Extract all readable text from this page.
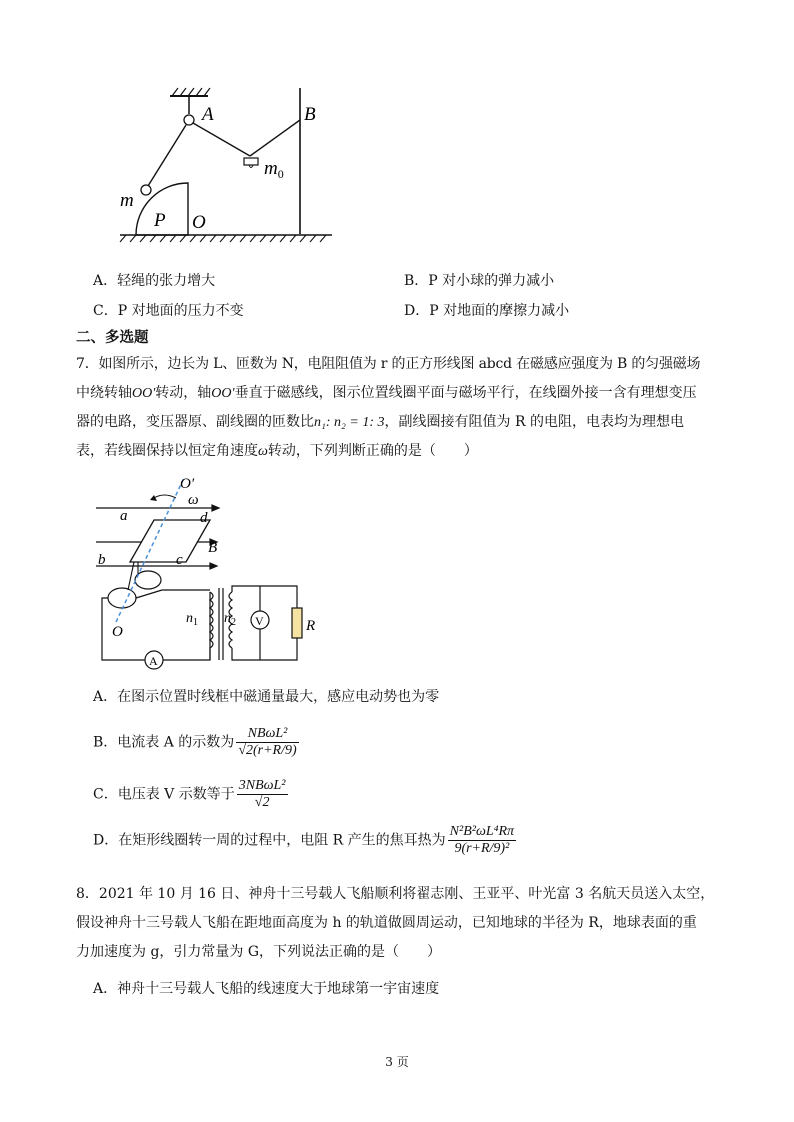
A	B
$m_0$
m
P O
A．轻绳的张力增大	B．P 对小球的弹力减小
C．P 对地面的压力不变	D．P 对地面的摩擦力减小
二、多选题

7．如图所示，边长为 L、匝数为 N，电阻阻值为 r 的正方形线图 abcd 在磁感应强度为 B 的匀强磁场

中绕转轴OO′转动，轴OO′垂直于磁感线，图示位置线圈平面与磁场平行，在线圈外接一含有理想变压

器的电路，变压器原、副线圈的匝数比n₁: n₂ = 1: 3，副线圈接有阻值为 R 的电阻，电表均为理想电

表，若线圈保持以恒定角速度ω转动，下列判断正确的是（　　）

O′
ω
a	d
B
b	c
O
$n_1$ $n_2$ V	R
A
A．在图示位置时线框中磁通量最大，感应电动势也为零
B．电流表 A 的示数为 $\frac{\text{NBωL²}}{√2(r+R/9)}$
C．电压表 V 示数等于 $\frac{\text{3NBωL²}}{√2}$
D．在矩形线圈转一周的过程中，电阻 R 产生的焦耳热为 $\frac{\text{N²B²ωL⁴Rπ}}{\text{9(r+R/9)²}}$

8．2021 年 10 月 16 日、神舟十三号载人飞船顺利将翟志刚、王亚平、叶光富 3 名航天员送入太空，

假设神舟十三号载人飞船在距地面高度为 h 的轨道做圆周运动，已知地球的半径为 R，地球表面的重

力加速度为 g，引力常量为 G，下列说法正确的是（　　）

A．神舟十三号载人飞船的线速度大于地球第一宇宙速度
3 页
